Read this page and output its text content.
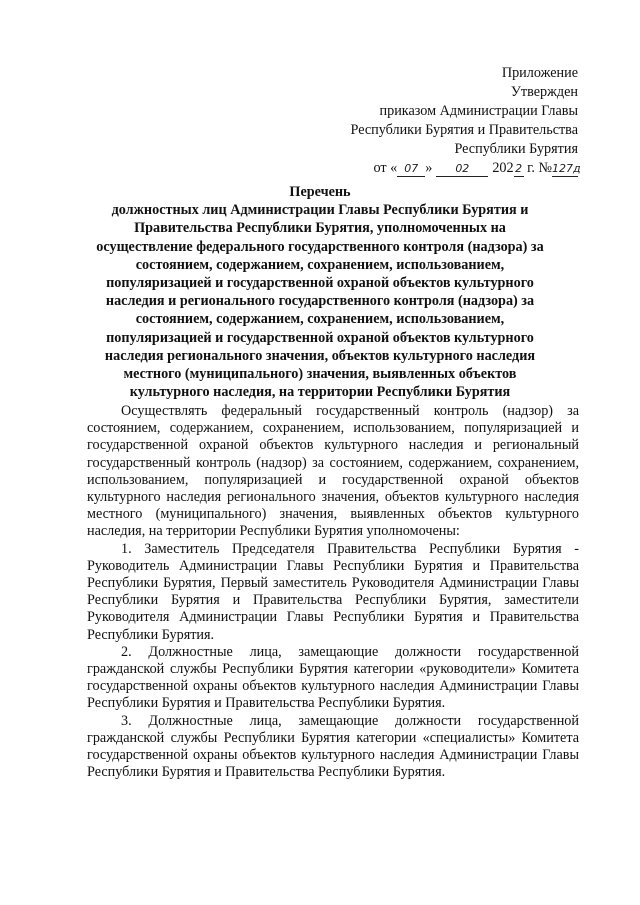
Приложение
Утвержден
приказом Администрации Главы
Республики Бурятия и Правительства
Республики Бурятия
от « 07 » 02 202 2 г. №127д
Перечень
должностных лиц Администрации Главы Республики Бурятия и Правительства Республики Бурятия, уполномоченных на осуществление федерального государственного контроля (надзора) за состоянием, содержанием, сохранением, использованием, популяризацией и государственной охраной объектов культурного наследия и регионального государственного контроля (надзора) за состоянием, содержанием, сохранением, использованием, популяризацией и государственной охраной объектов культурного наследия регионального значения, объектов культурного наследия местного (муниципального) значения, выявленных объектов культурного наследия, на территории Республики Бурятия

Осуществлять федеральный государственный контроль (надзор) за состоянием, содержанием, сохранением, использованием, популяризацией и государственной охраной объектов культурного наследия и региональный государственный контроль (надзор) за состоянием, содержанием, сохранением, использованием, популяризацией и государственной охраной объектов культурного наследия регионального значения, объектов культурного наследия местного (муниципального) значения, выявленных объектов культурного наследия, на территории Республики Бурятия уполномочены:

1. Заместитель Председателя Правительства Республики Бурятия - Руководитель Администрации Главы Республики Бурятия и Правительства Республики Бурятия, Первый заместитель Руководителя Администрации Главы Республики Бурятия и Правительства Республики Бурятия, заместители Руководителя Администрации Главы Республики Бурятия и Правительства Республики Бурятия.

2. Должностные лица, замещающие должности государственной гражданской службы Республики Бурятия категории «руководители» Комитета государственной охраны объектов культурного наследия Администрации Главы Республики Бурятия и Правительства Республики Бурятия.

3. Должностные лица, замещающие должности государственной гражданской службы Республики Бурятия категории «специалисты» Комитета государственной охраны объектов культурного наследия Администрации Главы Республики Бурятия и Правительства Республики Бурятия.
